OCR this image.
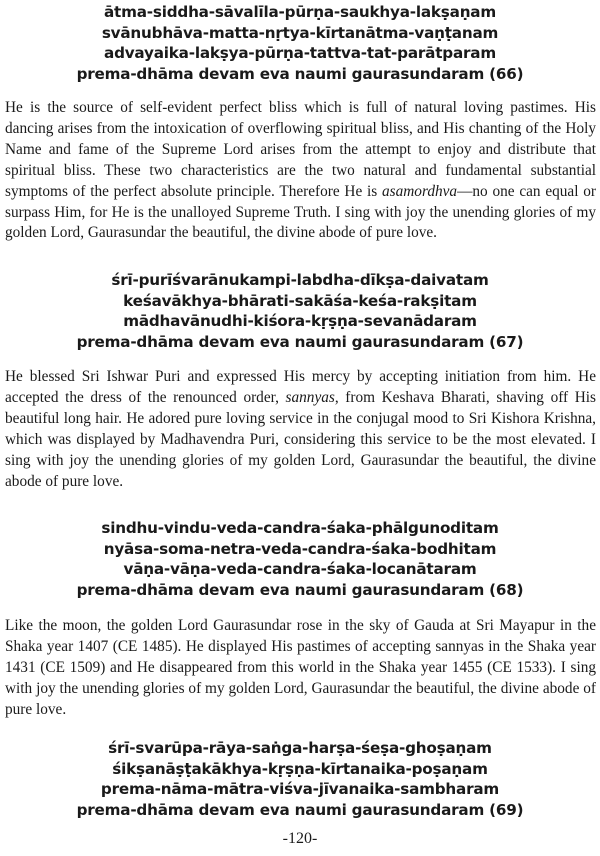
ātma-siddha-sāvalīla-pūrṇa-saukhya-lakṣaṇam
svānubhāva-matta-nṛtya-kīrtanātma-vaṇṭanam
advayaika-lakṣya-pūrṇa-tattva-tat-parātparam
prema-dhāma devam eva naumi gaurasundaram (66)
He is the source of self-evident perfect bliss which is full of natural loving pastimes. His dancing arises from the intoxication of overflowing spiritual bliss, and His chanting of the Holy Name and fame of the Supreme Lord arises from the attempt to enjoy and distribute that spiritual bliss. These two characteristics are the two natural and fundamental substantial symptoms of the perfect absolute principle. Therefore He is asamordhva—no one can equal or surpass Him, for He is the unalloyed Supreme Truth. I sing with joy the unending glories of my golden Lord, Gaurasundar the beautiful, the divine abode of pure love.
śrī-purīśvarānukampi-labdha-dīkṣa-daivatam
keśavākhya-bhārati-sakāśa-keśa-rakṣitam
mādhavānudhi-kiśora-kṛṣṇa-sevanādaram
prema-dhāma devam eva naumi gaurasundaram (67)
He blessed Sri Ishwar Puri and expressed His mercy by accepting initiation from him. He accepted the dress of the renounced order, sannyas, from Keshava Bharati, shaving off His beautiful long hair. He adored pure loving service in the conjugal mood to Sri Kishora Krishna, which was displayed by Madhavendra Puri, considering this service to be the most elevated. I sing with joy the unending glories of my golden Lord, Gaurasundar the beautiful, the divine abode of pure love.
sindhu-vindu-veda-candra-śaka-phālgunoditam
nyāsa-soma-netra-veda-candra-śaka-bodhitam
vāṇa-vāṇa-veda-candra-śaka-locanātaram
prema-dhāma devam eva naumi gaurasundaram (68)
Like the moon, the golden Lord Gaurasundar rose in the sky of Gauda at Sri Mayapur in the Shaka year 1407 (CE 1485). He displayed His pastimes of accepting sannyas in the Shaka year 1431 (CE 1509) and He disappeared from this world in the Shaka year 1455 (CE 1533). I sing with joy the unending glories of my golden Lord, Gaurasundar the beautiful, the divine abode of pure love.
śrī-svarūpa-rāya-saṅga-harṣa-śeṣa-ghoṣaṇam
śikṣanāṣṭakākhya-kṛṣṇa-kīrtanaika-poṣaṇam
prema-nāma-mātra-viśva-jīvanaika-sambharam
prema-dhāma devam eva naumi gaurasundaram (69)
-120-
